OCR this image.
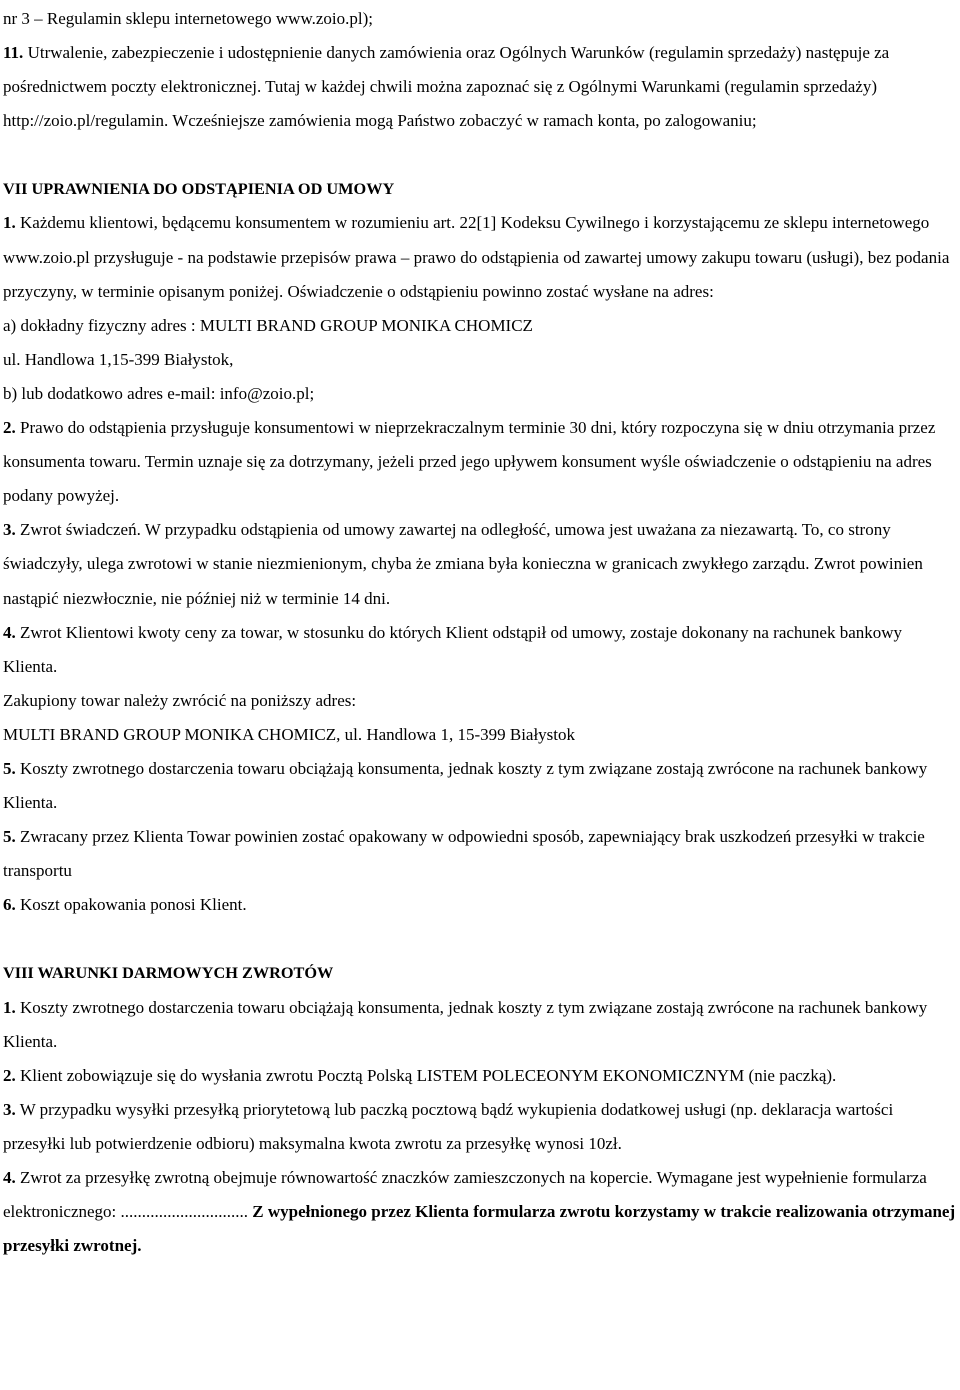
nr 3 – Regulamin sklepu internetowego www.zoio.pl);

11. Utrwalenie, zabezpieczenie i udostępnienie danych zamówienia oraz Ogólnych Warunków (regulamin sprzedaży) następuje za pośrednictwem poczty elektronicznej. Tutaj w każdej chwili można zapoznać się z Ogólnymi Warunkami (regulamin sprzedaży) http://zoio.pl/regulamin. Wcześniejsze zamówienia mogą Państwo zobaczyć w ramach konta, po zalogowaniu;

VII UPRAWNIENIA DO ODSTĄPIENIA OD UMOWY

1. Każdemu klientowi, będącemu konsumentem w rozumieniu art. 22[1] Kodeksu Cywilnego i korzystającemu ze sklepu internetowego www.zoio.pl przysługuje - na podstawie przepisów prawa – prawo do odstąpienia od zawartej umowy zakupu towaru (usługi), bez podania przyczyny, w terminie opisanym poniżej. Oświadczenie o odstąpieniu powinno zostać wysłane na adres:

a) dokładny fizyczny adres : MULTI BRAND GROUP MONIKA CHOMICZ

ul. Handlowa 1,15-399 Białystok,

b) lub dodatkowo adres e-mail: info@zoio.pl;

2. Prawo do odstąpienia przysługuje konsumentowi w nieprzekraczalnym terminie 30 dni, który rozpoczyna się w dniu otrzymania przez konsumenta towaru. Termin uznaje się za dotrzymany, jeżeli przed jego upływem konsument wyśle oświadczenie o odstąpieniu na adres podany powyżej.

3. Zwrot świadczeń. W przypadku odstąpienia od umowy zawartej na odległość, umowa jest uważana za niezawartą. To, co strony świadczyły, ulega zwrotowi w stanie niezmienionym, chyba że zmiana była konieczna w granicach zwykłego zarządu. Zwrot powinien nastąpić niezwłocznie, nie później niż w terminie 14 dni.

4. Zwrot Klientowi kwoty ceny za towar, w stosunku do których Klient odstąpił od umowy, zostaje dokonany na rachunek bankowy Klienta.

Zakupiony towar należy zwrócić na poniższy adres:

MULTI BRAND GROUP MONIKA CHOMICZ, ul. Handlowa 1, 15-399 Białystok

5. Koszty zwrotnego dostarczenia towaru obciążają konsumenta, jednak koszty z tym związane zostają zwrócone na rachunek bankowy Klienta.

5. Zwracany przez Klienta Towar powinien zostać opakowany w odpowiedni sposób, zapewniający brak uszkodzeń przesyłki w trakcie transportu

6. Koszt opakowania ponosi Klient.

VIII WARUNKI DARMOWYCH ZWROTÓW

1. Koszty zwrotnego dostarczenia towaru obciążają konsumenta, jednak koszty z tym związane zostają zwrócone na rachunek bankowy Klienta.

2. Klient zobowiązuje się do wysłania zwrotu Pocztą Polską LISTEM POLECEONYM EKONOMICZNYM (nie paczką).

3. W przypadku wysyłki przesyłką priorytetową lub paczką pocztową bądź wykupienia dodatkowej usługi (np. deklaracja wartości przesyłki lub potwierdzenie odbioru) maksymalna kwota zwrotu za przesyłkę wynosi 10zł.

4. Zwrot za przesyłkę zwrotną obejmuje równowartość znaczków zamieszczonych na kopercie. Wymagane jest wypełnienie formularza elektronicznego: .............................. Z wypełnionego przez Klienta formularza zwrotu korzystamy w trakcie realizowania otrzymanej przesyłki zwrotnej.
